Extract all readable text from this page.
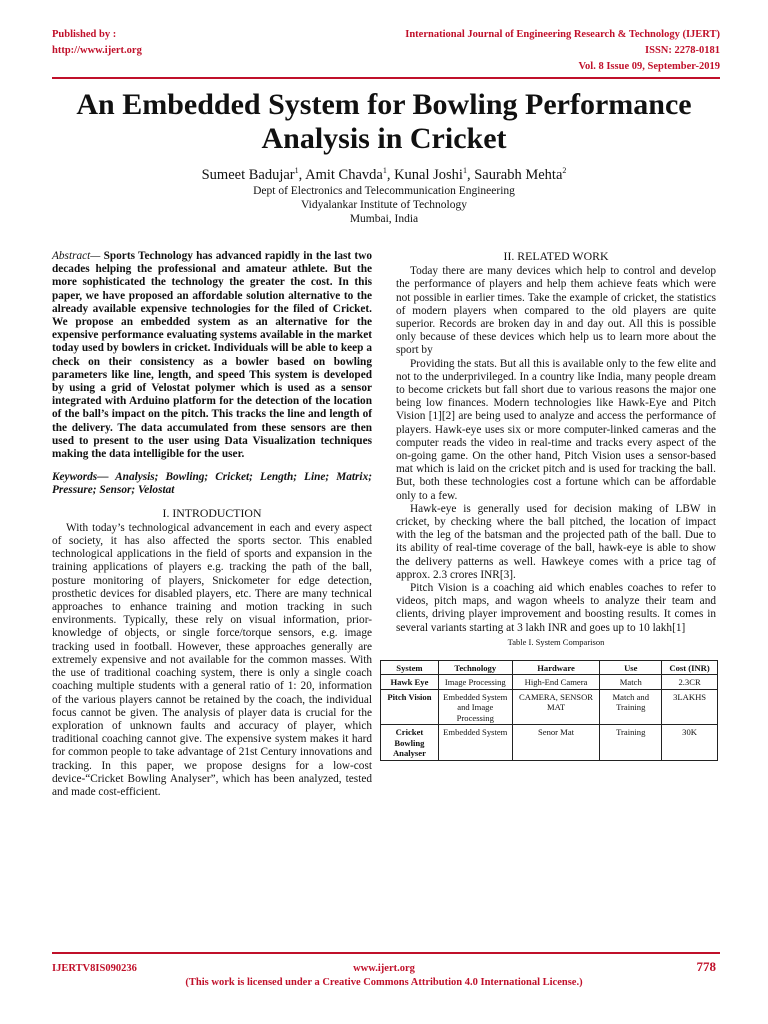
Published by :
http://www.ijert.org
International Journal of Engineering Research & Technology (IJERT)
ISSN: 2278-0181
Vol. 8 Issue 09, September-2019
An Embedded System for Bowling Performance
Analysis in Cricket
Sumeet Badujar$^1$, Amit Chavda$^1$, Kunal Joshi$^1$, Saurabh Mehta$^2$
Dept of Electronics and Telecommunication Engineering
Vidyalankar Institute of Technology
Mumbai, India
Abstract— Sports Technology has advanced rapidly in the last two decades helping the professional and amateur athlete. But the more sophisticated the technology the greater the cost. In this paper, we have proposed an affordable solution alternative to the already available expensive technologies for the filed of Cricket. We propose an embedded system as an alternative for the expensive performance evaluating systems available in the market today used by bowlers in cricket. Individuals will be able to keep a check on their consistency as a bowler based on bowling parameters like line, length, and speed This system is developed by using a grid of Velostat polymer which is used as a sensor integrated with Arduino platform for the detection of the location of the ball’s impact on the pitch. This tracks the line and length of the delivery. The data accumulated from these sensors are then used to present to the user using Data Visualization techniques making the data intelligible for the user.
Keywords— Analysis; Bowling; Cricket; Length; Line; Matrix; Pressure; Sensor; Velostat
I. INTRODUCTION
With today’s technological advancement in each and every aspect of society, it has also affected the sports sector. This enabled technological applications in the field of sports and expansion in the training applications of players e.g. tracking the path of the ball, posture monitoring of players, Snickometer for edge detection, prosthetic devices for disabled players, etc. There are many technical approaches to enhance training and motion tracking in such environments. Typically, these rely on visual information, prior-knowledge of objects, or single force/torque sensors, e.g. image tracking used in football. However, these approaches generally are extremely expensive and not available for the common masses. With the use of traditional coaching system, there is only a single coach coaching multiple students with a general ratio of 1: 20, information of the various players cannot be retained by the coach, the individual focus cannot be given. The analysis of player data is crucial for the exploration of unknown faults and accuracy of player, which traditional coaching cannot give. The expensive system makes it hard for common people to take advantage of 21st Century innovations and tracking. In this paper, we propose designs for a low-cost device-“Cricket Bowling Analyser”, which has been analyzed, tested and made cost-efficient.
II. RELATED WORK
Today there are many devices which help to control and develop the performance of players and help them achieve feats which were not possible in earlier times. Take the example of cricket, the statistics of modern players when compared to the old players are quite superior. Records are broken day in and day out. All this is possible only because of these devices which help us to learn more about the sport by
Providing the stats. But all this is available only to the few elite and not to the underprivileged. In a country like India, many people dream to become crickets but fall short due to various reasons the major one being low finances. Modern technologies like Hawk-Eye and Pitch Vision [1][2] are being used to analyze and access the performance of players. Hawk-eye uses six or more computer-linked cameras and the computer reads the video in real-time and tracks every aspect of the on-going game. On the other hand, Pitch Vision uses a sensor-based mat which is laid on the cricket pitch and is used for tracking the ball. But, both these technologies cost a fortune which can be affordable only to a few.
Hawk-eye is generally used for decision making of LBW in cricket, by checking where the ball pitched, the location of impact with the leg of the batsman and the projected path of the ball. Due to its ability of real-time coverage of the ball, hawk-eye is able to show the delivery patterns as well. Hawkeye comes with a price tag of approx. 2.3 crores INR[3].
Pitch Vision is a coaching aid which enables coaches to refer to videos, pitch maps, and wagon wheels to analyze their team and clients, driving player improvement and boosting results. It comes in several variants starting at 3 lakh INR and goes up to 10 lakh[1]
Table I. System Comparison
System	Technology	Hardware	Use	Cost (INR)
Hawk Eye	Image Processing	High-End Camera	Match	2.3CR
Pitch Vision	Embedded System and Image Processing	CAMERA, SENSOR MAT	Match and Training	3LAKHS
Cricket Bowling Analyser	Embedded System	Senor Mat	Training	30K
IJERTV8IS090236	www.ijert.org	778
(This work is licensed under a Creative Commons Attribution 4.0 International License.)
